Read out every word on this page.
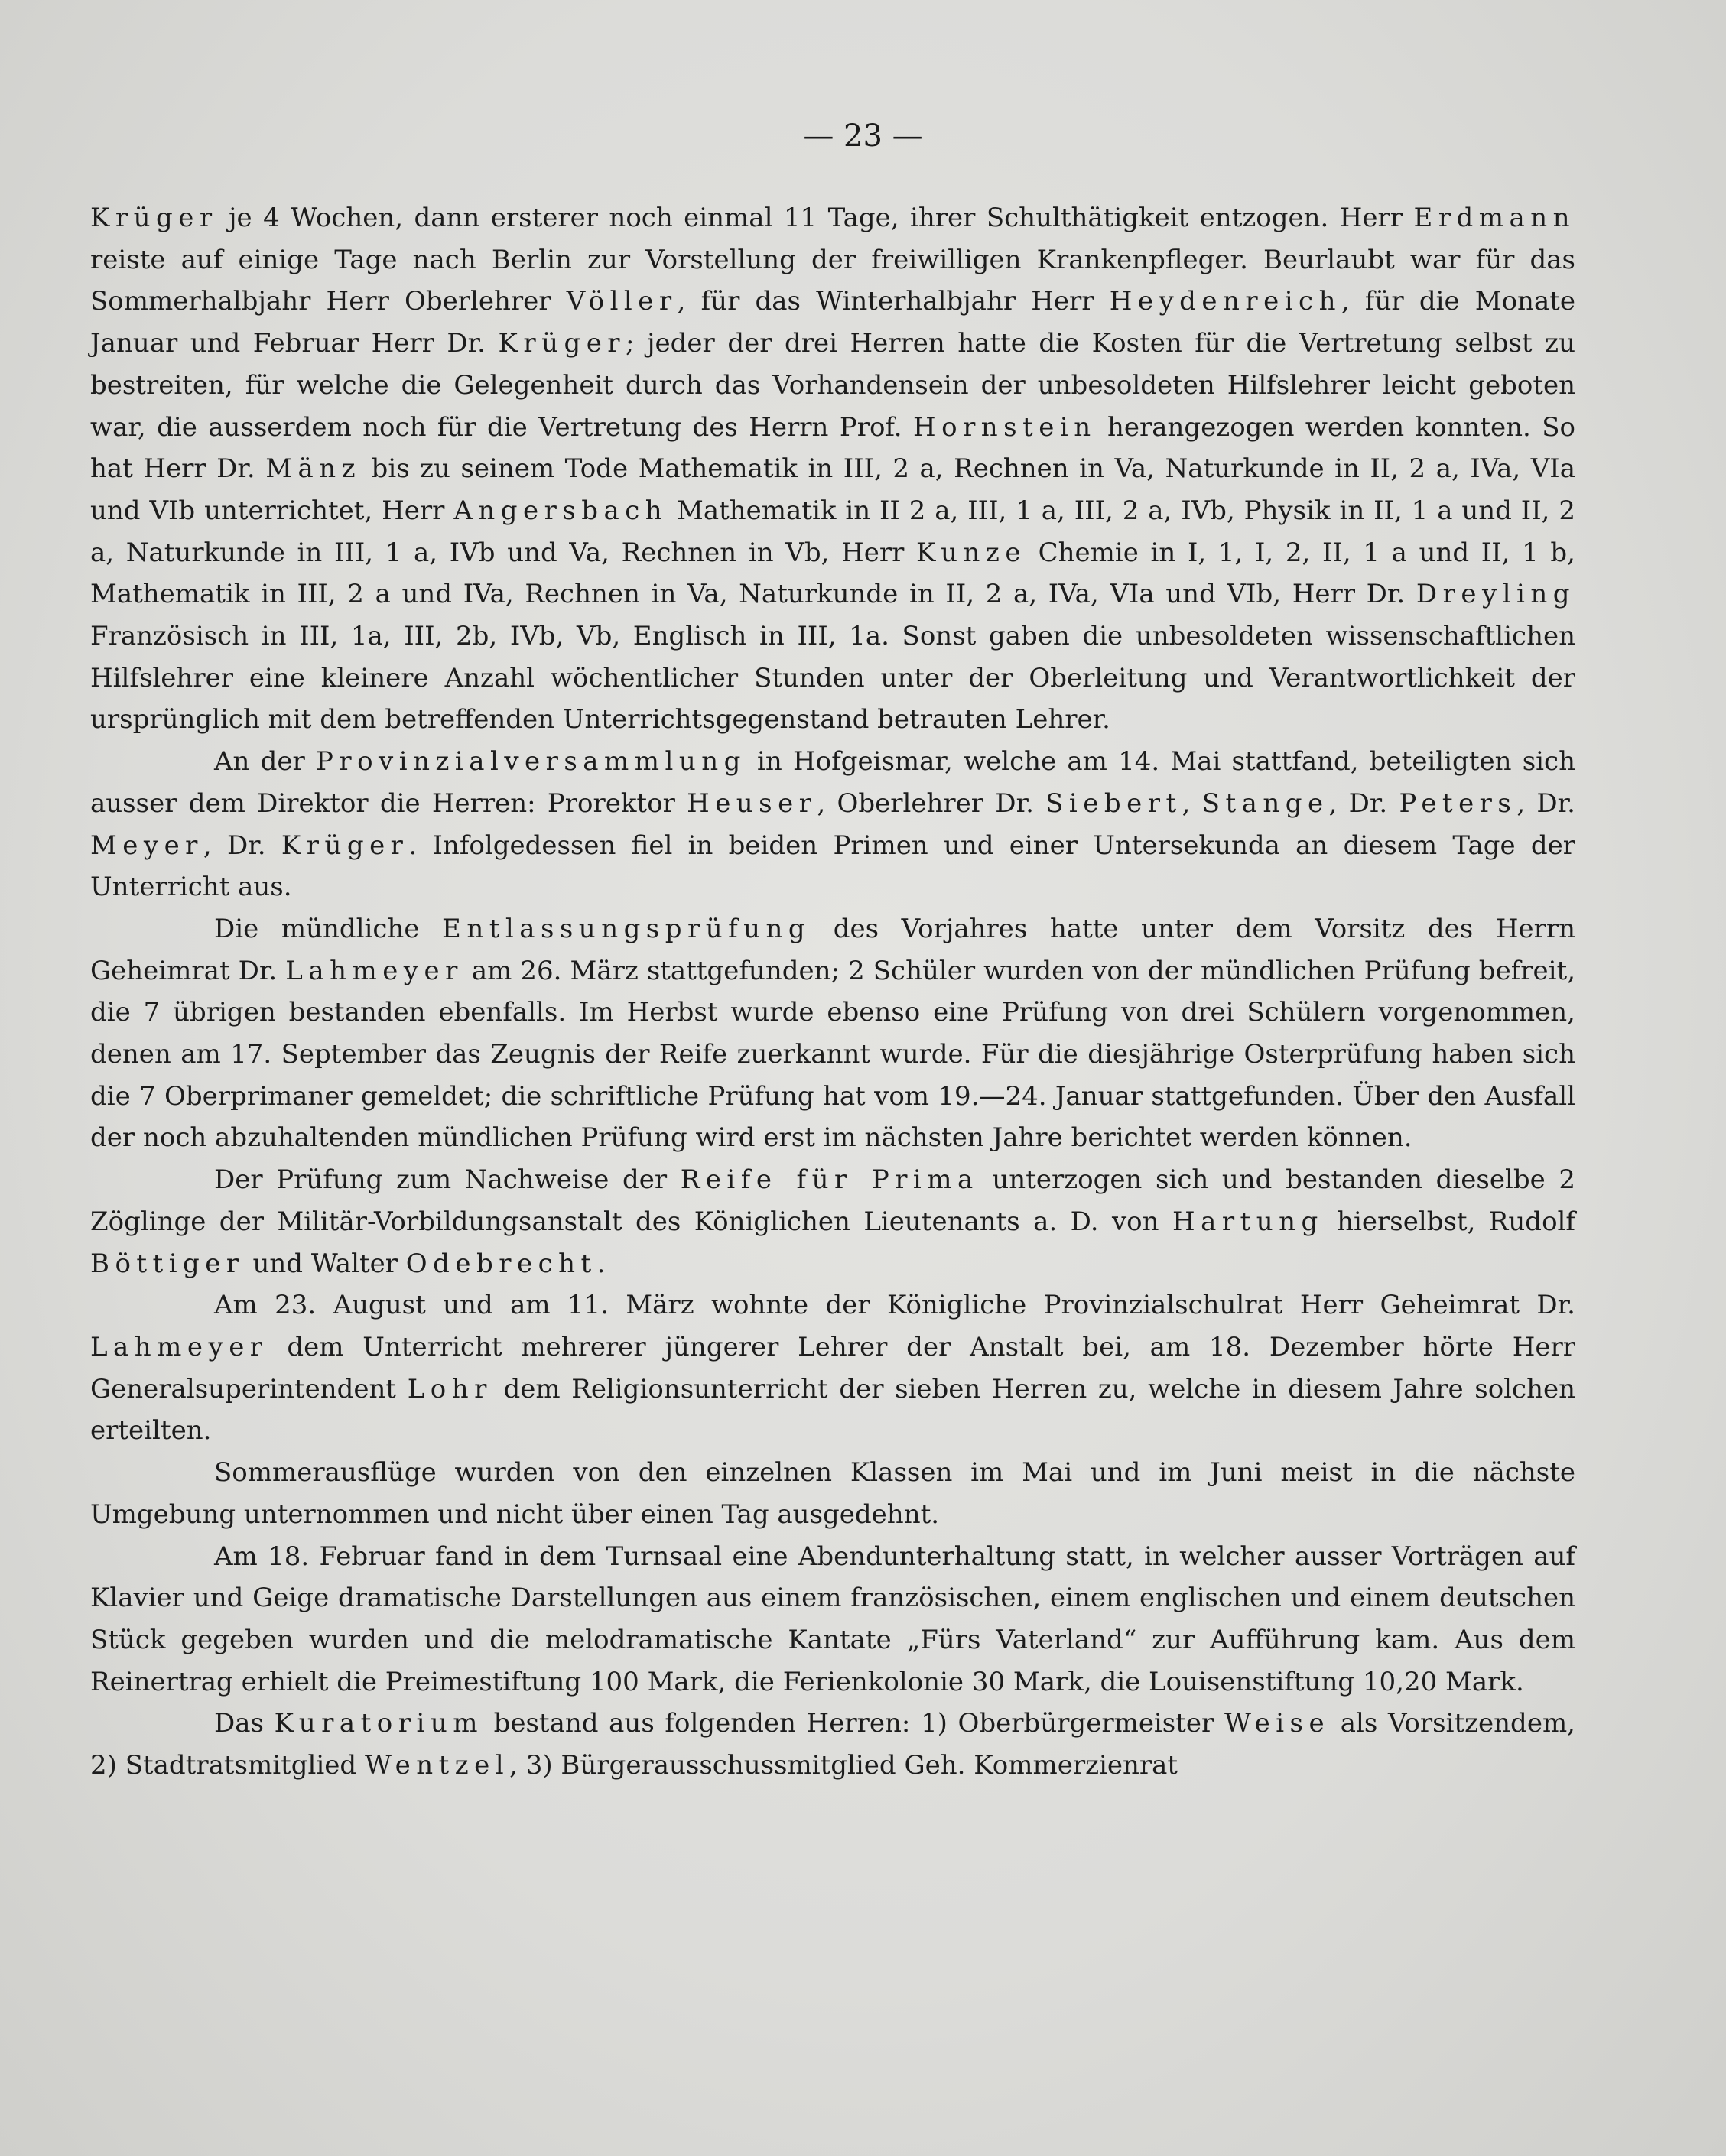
— 23 —

Krüger je 4 Wochen, dann ersterer noch einmal 11 Tage, ihrer Schulthätigkeit entzogen. Herr Erdmann reiste auf einige Tage nach Berlin zur Vorstellung der freiwilligen Krankenpfleger. Beurlaubt war für das Sommerhalbjahr Herr Oberlehrer Völler, für das Winterhalbjahr Herr Heydenreich, für die Monate Januar und Februar Herr Dr. Krüger; jeder der drei Herren hatte die Kosten für die Vertretung selbst zu bestreiten, für welche die Gelegenheit durch das Vorhandensein der unbesoldeten Hilfslehrer leicht geboten war, die ausserdem noch für die Vertretung des Herrn Prof. Hornstein herangezogen werden konnten. So hat Herr Dr. Mänz bis zu seinem Tode Mathematik in III, 2 a, Rechnen in Va, Naturkunde in II, 2 a, IVa, VIa und VIb unterrichtet, Herr Angersbach Mathematik in II 2 a, III, 1 a, III, 2 a, IVb, Physik in II, 1 a und II, 2 a, Naturkunde in III, 1 a, IVb und Va, Rechnen in Vb, Herr Kunze Chemie in I, 1, I, 2, II, 1 a und II, 1 b, Mathematik in III, 2 a und IVa, Rechnen in Va, Naturkunde in II, 2 a, IVa, VIa und VIb, Herr Dr. Dreyling Französisch in III, 1a, III, 2b, IVb, Vb, Englisch in III, 1a. Sonst gaben die unbesoldeten wissenschaftlichen Hilfslehrer eine kleinere Anzahl wöchentlicher Stunden unter der Oberleitung und Verantwortlichkeit der ursprünglich mit dem betreffenden Unterrichtsgegenstand betrauten Lehrer.

An der Provinzialversammlung in Hofgeismar, welche am 14. Mai stattfand, beteiligten sich ausser dem Direktor die Herren: Prorektor Heuser, Oberlehrer Dr. Siebert, Stange, Dr. Peters, Dr. Meyer, Dr. Krüger. Infolgedessen fiel in beiden Primen und einer Untersekunda an diesem Tage der Unterricht aus.

Die mündliche Entlassungsprüfung des Vorjahres hatte unter dem Vorsitz des Herrn Geheimrat Dr. Lahmeyer am 26. März stattgefunden; 2 Schüler wurden von der mündlichen Prüfung befreit, die 7 übrigen bestanden ebenfalls. Im Herbst wurde ebenso eine Prüfung von drei Schülern vorgenommen, denen am 17. September das Zeugnis der Reife zuerkannt wurde. Für die diesjährige Osterprüfung haben sich die 7 Oberprimaner gemeldet; die schriftliche Prüfung hat vom 19.—24. Januar stattgefunden. Über den Ausfall der noch abzuhaltenden mündlichen Prüfung wird erst im nächsten Jahre berichtet werden können.

Der Prüfung zum Nachweise der Reife für Prima unterzogen sich und bestanden dieselbe 2 Zöglinge der Militär-Vorbildungsanstalt des Königlichen Lieutenants a. D. von Hartung hierselbst, Rudolf Böttiger und Walter Odebrecht.

Am 23. August und am 11. März wohnte der Königliche Provinzialschulrat Herr Geheimrat Dr. Lahmeyer dem Unterricht mehrerer jüngerer Lehrer der Anstalt bei, am 18. Dezember hörte Herr Generalsuperintendent Lohr dem Religionsunterricht der sieben Herren zu, welche in diesem Jahre solchen erteilten.

Sommerausflüge wurden von den einzelnen Klassen im Mai und im Juni meist in die nächste Umgebung unternommen und nicht über einen Tag ausgedehnt.

Am 18. Februar fand in dem Turnsaal eine Abendunterhaltung statt, in welcher ausser Vorträgen auf Klavier und Geige dramatische Darstellungen aus einem französischen, einem englischen und einem deutschen Stück gegeben wurden und die melodramatische Kantate „Fürs Vaterland“ zur Aufführung kam. Aus dem Reinertrag erhielt die Preimestiftung 100 Mark, die Ferienkolonie 30 Mark, die Louisenstiftung 10,20 Mark.

Das Kuratorium bestand aus folgenden Herren: 1) Oberbürgermeister Weise als Vorsitzendem, 2) Stadtratsmitglied Wentzel, 3) Bürgerausschussmitglied Geh. Kommerzienrat
